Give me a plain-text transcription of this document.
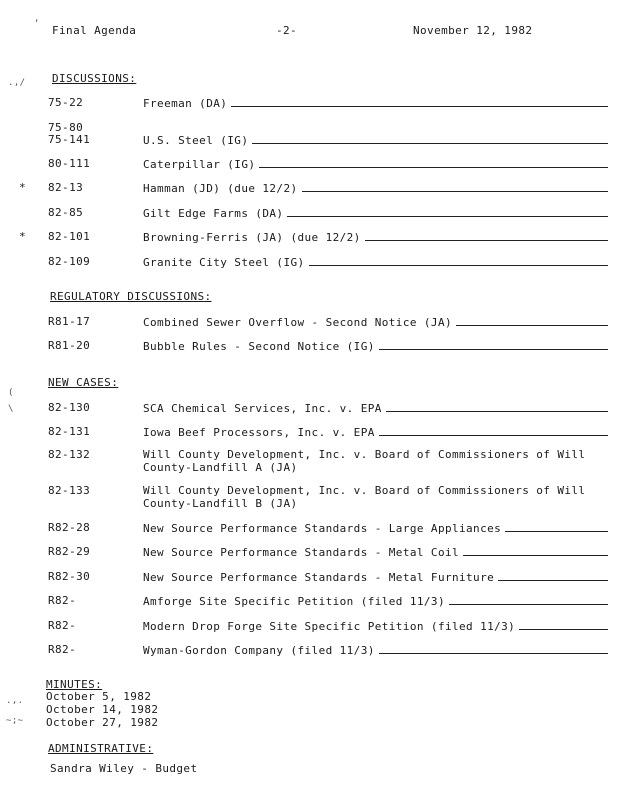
Final Agenda	-2-	November 12, 1982
DISCUSSIONS:
75-22	Freeman (DA)
75-80
75-141	U.S. Steel (IG)
80-111	Caterpillar (IG)
* 82-13	Hamman (JD) (due 12/2)
82-85	Gilt Edge Farms (DA)
* 82-101	Browning-Ferris (JA) (due 12/2)
82-109	Granite City Steel (IG)
REGULATORY DISCUSSIONS:
R81-17	Combined Sewer Overflow - Second Notice (JA)
R81-20	Bubble Rules - Second Notice (IG)
NEW CASES:
82-130	SCA Chemical Services, Inc. v. EPA
82-131	Iowa Beef Processors, Inc. v. EPA
82-132	Will County Development, Inc. v. Board of Commissioners of Will County-Landfill A (JA)
82-133	Will County Development, Inc. v. Board of Commissioners of Will County-Landfill B (JA)
R82-28	New Source Performance Standards - Large Appliances
R82-29	New Source Performance Standards - Metal Coil
R82-30	New Source Performance Standards - Metal Furniture
R82-	Amforge Site Specific Petition (filed 11/3)
R82-	Modern Drop Forge Site Specific Petition (filed 11/3)
R82-	Wyman-Gordon Company (filed 11/3)
MINUTES:
October 5, 1982
October 14, 1982
October 27, 1982
ADMINISTRATIVE:
Sandra Wiley - Budget
,
.,/
(
\
.,.
~;~
